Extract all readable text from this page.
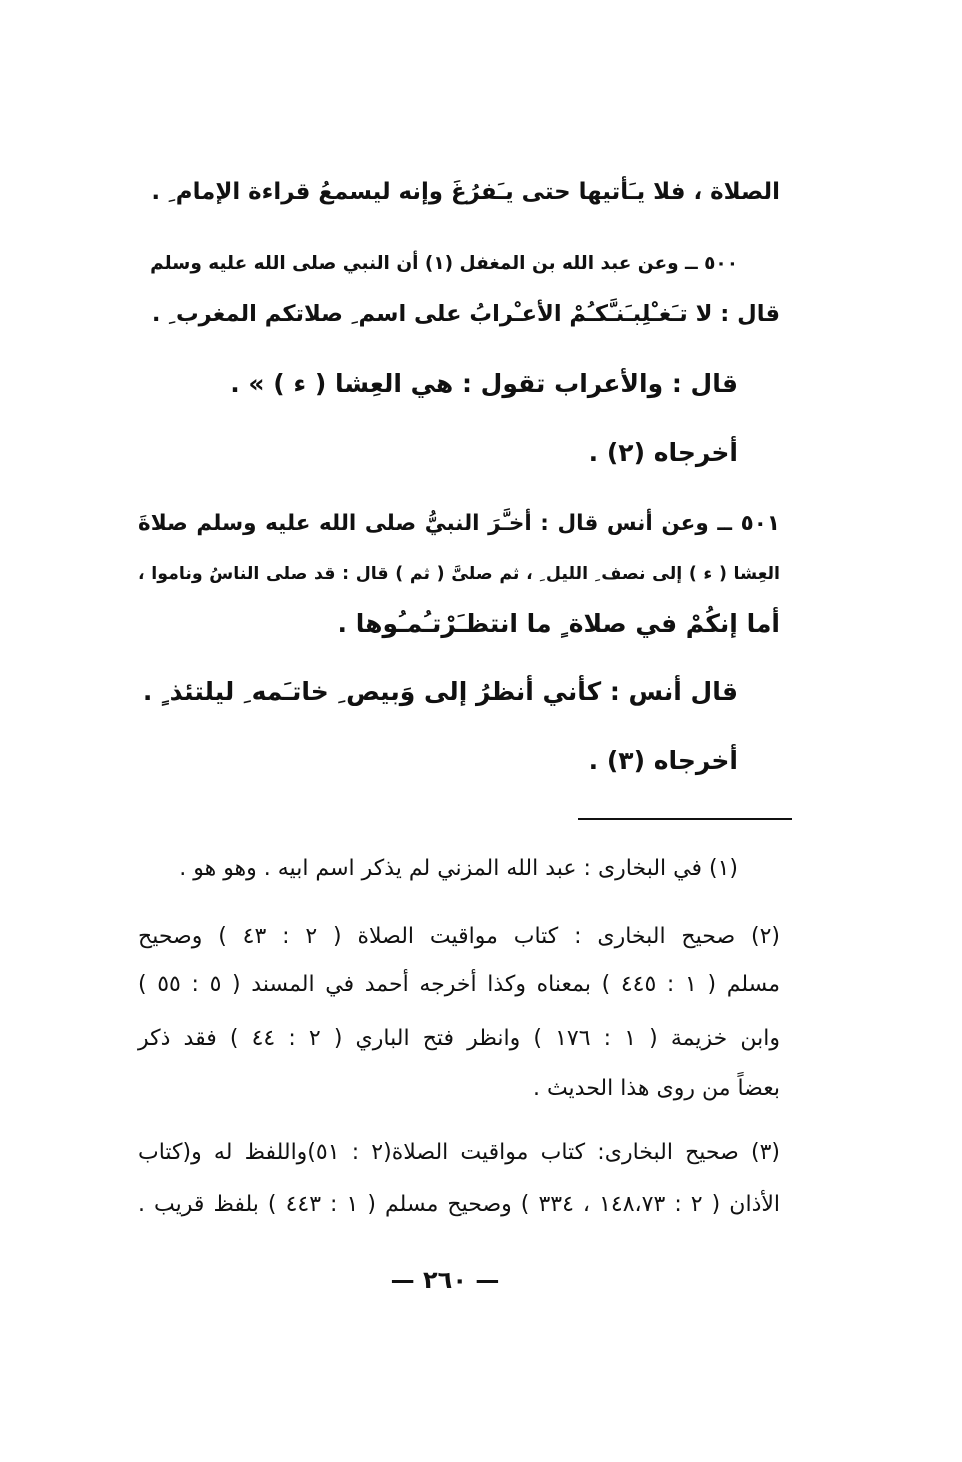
الصلاة ، فلا يـَأتيها حتى يـَفرُغَ وإنه ليسمعُ قراءة الإمام ِ .
٥٠٠ ــ وعن عبد الله بن المغفل (١) أن النبي صلى الله عليه وسلم
قال : لا تـَغـْلِبـَنـَّكـُمْ الأعـْرابُ على اسم ِ صلاتكم المغرب ِ .
قال : والأعراب تقول : هي العِشا ( ء ) » .
أخرجاه (٢) .
٥٠١ ــ وعن أنس قال : أخـَّرَ النبيُّ صلى الله عليه وسلم صلاةَ
العِشا ( ء ) إلى نصف ِ الليل ِ ، ثم صلىَّ ( ثم ) قال : قد صلى الناسُ وناموا ،
أما إنكُمْ في صلاة ٍ ما انتظـَرْتـُمـُوها .
قال أنس : كأني أنظرُ إلى وَبيص ِ خاتـَمه ِ ليلتئذ ٍ .
أخرجاه (٣) .
(١) في البخارى : عبد الله المزني لم يذكر اسم ابيه . وهو هو .
(٢) صحيح البخارى : كتاب مواقيت الصلاة ( ٢ : ٤٣ ) وصحيح
مسلم ( ١ : ٤٤٥ ) بمعناه وكذا أخرجه أحمد في المسند ( ٥ : ٥٥ )
وابن خزيمة ( ١ : ١٧٦ ) وانظر فتح الباري ( ٢ : ٤٤ ) فقد ذكر
بعضاً من روى هذا الحديث .
(٣) صحيح البخارى: كتاب مواقيت الصلاة(٢ : ٥١)واللفظ له و(كتاب
الأذان ( ٢ : ١٤٨،٧٣ ، ٣٣٤ ) وصحيح مسلم ( ١ : ٤٤٣ ) بلفظ قريب .
— ٢٦٠ —
